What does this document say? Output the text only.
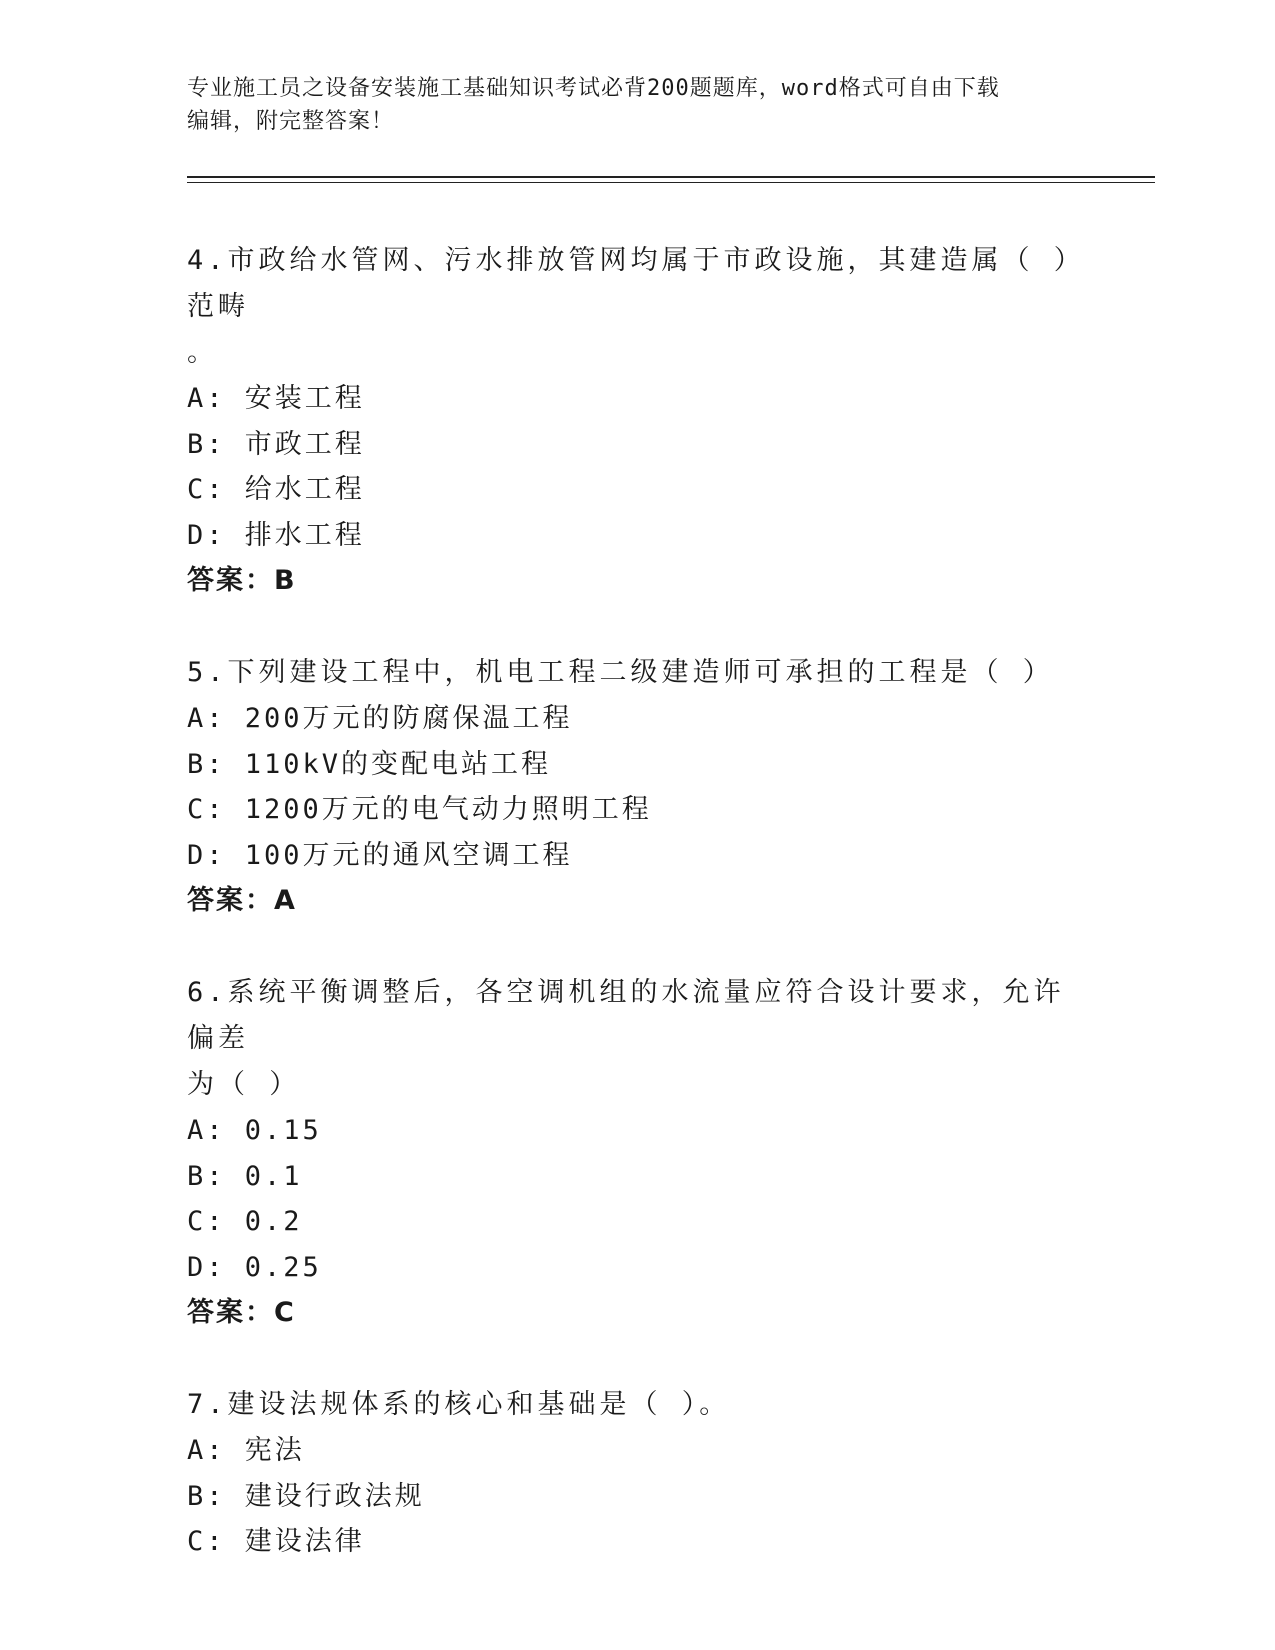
专业施工员之设备安装施工基础知识考试必背200题题库，word格式可自由下载
编辑，附完整答案！
4.市政给水管网、污水排放管网均属于市政设施，其建造属（ ）范畴
。
A: 安装工程
B: 市政工程
C: 给水工程
D: 排水工程
答案：B
5.下列建设工程中，机电工程二级建造师可承担的工程是（ ）
A: 200万元的防腐保温工程
B: 110kV的变配电站工程
C: 1200万元的电气动力照明工程
D: 100万元的通风空调工程
答案：A
6.系统平衡调整后，各空调机组的水流量应符合设计要求，允许偏差
为（ ）
A: 0.15
B: 0.1
C: 0.2
D: 0.25
答案：C
7.建设法规体系的核心和基础是（ ）。
A: 宪法
B: 建设行政法规
C: 建设法律
